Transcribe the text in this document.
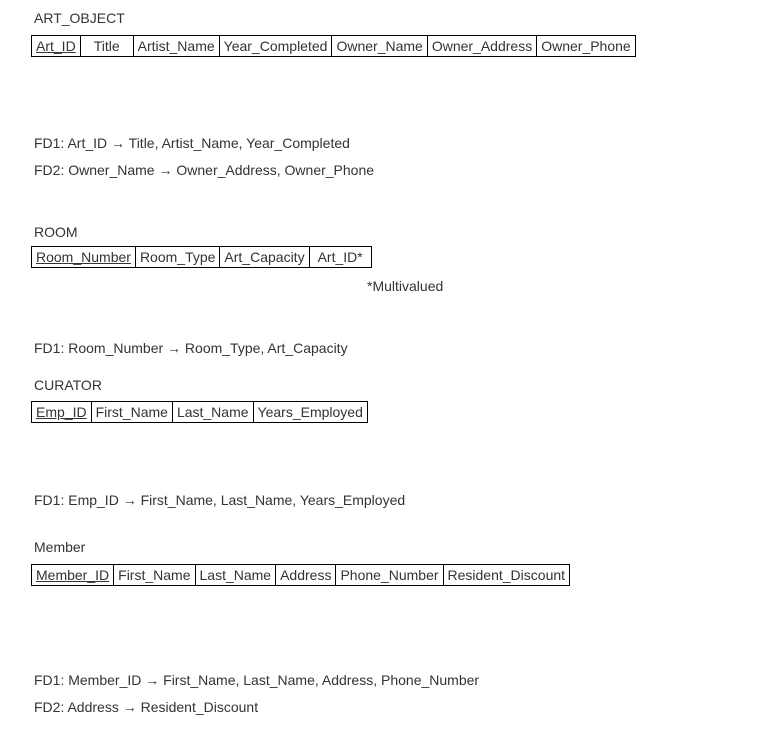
ART_OBJECT
Art_ID	Title	Artist_Name	Year_Completed	Owner_Name	Owner_Address	Owner_Phone
FD1: Art_ID → Title, Artist_Name, Year_Completed
FD2: Owner_Name → Owner_Address, Owner_Phone
ROOM
Room_Number	Room_Type	Art_Capacity	Art_ID*
*Multivalued
FD1: Room_Number → Room_Type, Art_Capacity
CURATOR
Emp_ID	First_Name	Last_Name	Years_Employed
FD1: Emp_ID → First_Name, Last_Name, Years_Employed
Member
Member_ID	First_Name	Last_Name	Address	Phone_Number	Resident_Discount
FD1: Member_ID → First_Name, Last_Name, Address, Phone_Number
FD2: Address → Resident_Discount
